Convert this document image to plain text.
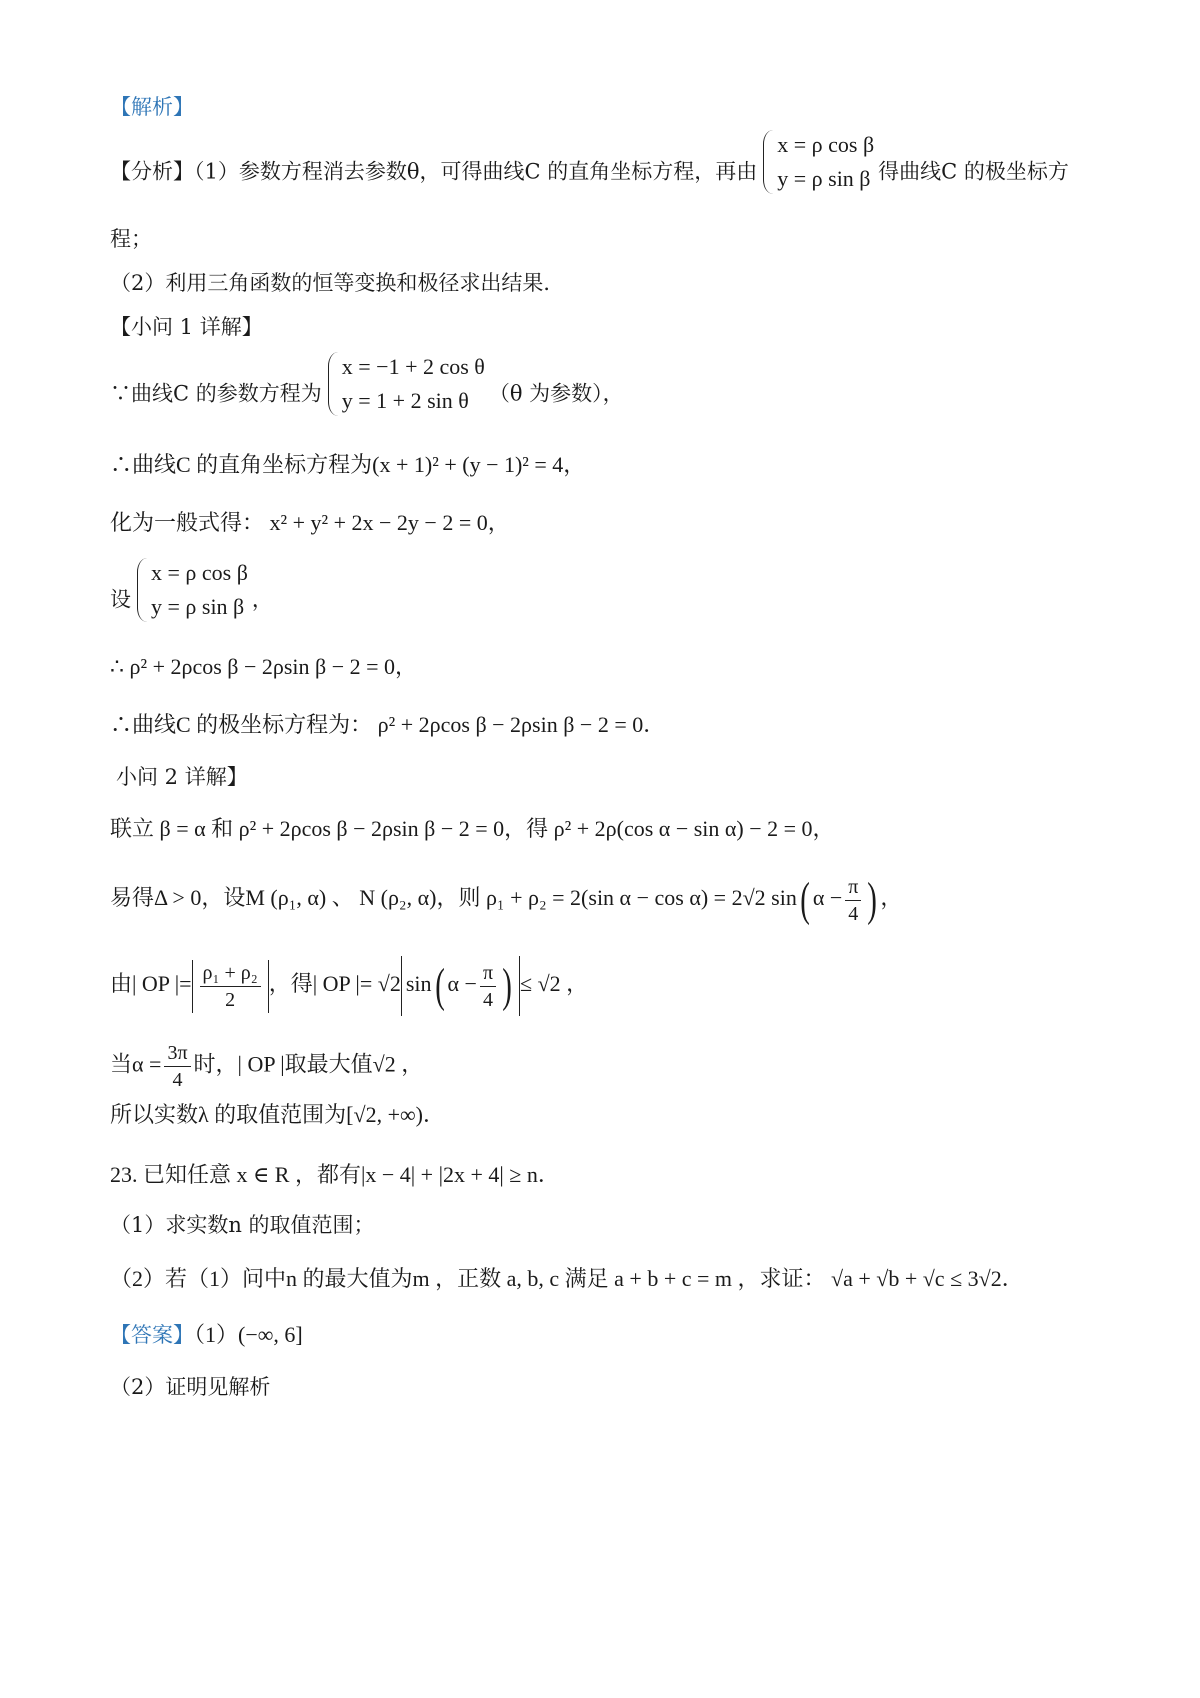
【解析】
【分析】（1）参数方程消去参数θ，可得曲线C 的直角坐标方程，再由
x = ρ cos β
y = ρ sin β 得曲线C 的极坐标方
程；
（2）利用三角函数的恒等变换和极径求出结果．
【小问 1 详解】
∵曲线C 的参数方程为
x = −1 + 2 cos θ
y = 1 + 2 sin θ （θ 为参数），
∴曲线C 的直角坐标方程为(x + 1)² + (y − 1)² = 4，
化为一般式得： x² + y² + 2x − 2y − 2 = 0，
设
x = ρ cos β
y = ρ sin β ，
∴ ρ² + 2ρcos β − 2ρsin β − 2 = 0，
∴曲线C 的极坐标方程为： ρ² + 2ρcos β − 2ρsin β − 2 = 0．
小问 2 详解】
联立 β = α 和 ρ² + 2ρcos β − 2ρsin β − 2 = 0，得 ρ² + 2ρ(cos α − sin α) − 2 = 0，
易得Δ > 0，设M (ρ₁, α) 、 N (ρ₂, α)，则 ρ₁ + ρ₂ = 2(sin α − cos α) = 2√2 sin( $\alpha - \frac{\pi}{4}$ ) ，
由| OP |= $\frac{\text{ρ₁ + ρ₂}}{2}$ ，得| OP |= √2 sin( $\alpha - \frac{\pi}{4}$ ) ≤ √2 ，
当$\alpha = \frac{3\pi}{4}$ 时，| OP |取最大值√2 ，
所以实数λ 的取值范围为[√2, +∞)．
23. 已知任意 x ∈ R ，都有|x − 4| + |2x + 4| ≥ n．
（1）求实数n 的取值范围；
（2）若（1）问中n 的最大值为m ，正数 a, b, c 满足 a + b + c = m ，求证： √a + √b + √c ≤ 3√2．
【答案】（1）(−∞, 6]
（2）证明见解析
